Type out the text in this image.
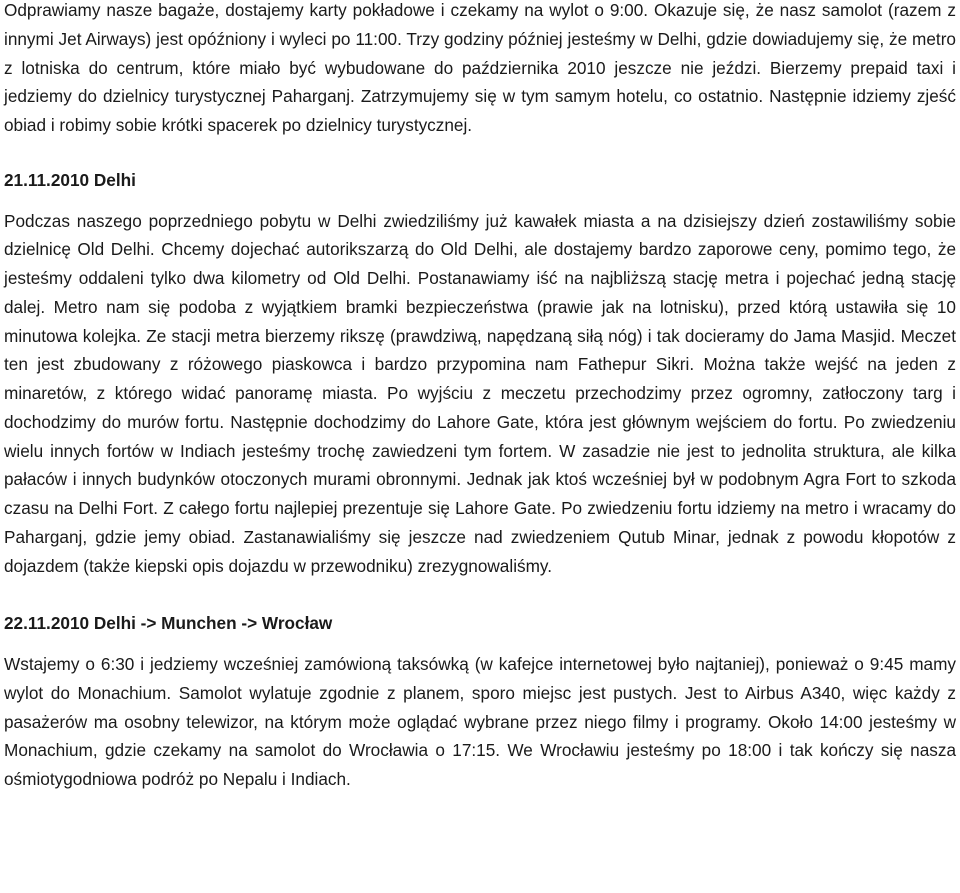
Odprawiamy nasze bagaże, dostajemy karty pokładowe i czekamy na wylot o 9:00. Okazuje się, że nasz samolot (razem z innymi Jet Airways) jest opóźniony i wyleci po 11:00. Trzy godziny później jesteśmy w Delhi, gdzie dowiadujemy się, że metro z lotniska do centrum, które miało być wybudowane do października 2010 jeszcze nie jeździ. Bierzemy prepaid taxi i jedziemy do dzielnicy turystycznej Paharganj. Zatrzymujemy się w tym samym hotelu, co ostatnio. Następnie idziemy zjeść obiad i robimy sobie krótki spacerek po dzielnicy turystycznej.

21.11.2010 Delhi

Podczas naszego poprzedniego pobytu w Delhi zwiedziliśmy już kawałek miasta a na dzisiejszy dzień zostawiliśmy sobie dzielnicę Old Delhi. Chcemy dojechać autorikszarzą do Old Delhi, ale dostajemy bardzo zaporowe ceny, pomimo tego, że jesteśmy oddaleni tylko dwa kilometry od Old Delhi. Postanawiamy iść na najbliższą stację metra i pojechać jedną stację dalej. Metro nam się podoba z wyjątkiem bramki bezpieczeństwa (prawie jak na lotnisku), przed którą ustawiła się 10 minutowa kolejka. Ze stacji metra bierzemy rikszę (prawdziwą, napędzaną siłą nóg) i tak docieramy do Jama Masjid. Meczet ten jest zbudowany z różowego piaskowca i bardzo przypomina nam Fathepur Sikri. Można także wejść na jeden z minaretów, z którego widać panoramę miasta. Po wyjściu z meczetu przechodzimy przez ogromny, zatłoczony targ i dochodzimy do murów fortu. Następnie dochodzimy do Lahore Gate, która jest głównym wejściem do fortu. Po zwiedzeniu wielu innych fortów w Indiach jesteśmy trochę zawiedzeni tym fortem. W zasadzie nie jest to jednolita struktura, ale kilka pałaców i innych budynków otoczonych murami obronnymi. Jednak jak ktoś wcześniej był w podobnym Agra Fort to szkoda czasu na Delhi Fort. Z całego fortu najlepiej prezentuje się Lahore Gate. Po zwiedzeniu fortu idziemy na metro i wracamy do Paharganj, gdzie jemy obiad. Zastanawialiśmy się jeszcze nad zwiedzeniem Qutub Minar, jednak z powodu kłopotów z dojazdem (także kiepski opis dojazdu w przewodniku) zrezygnowaliśmy.

22.11.2010 Delhi -> Munchen -> Wrocław

Wstajemy o 6:30 i jedziemy wcześniej zamówioną taksówką (w kafejce internetowej było najtaniej), ponieważ o 9:45 mamy wylot do Monachium. Samolot wylatuje zgodnie z planem, sporo miejsc jest pustych. Jest to Airbus A340, więc każdy z pasażerów ma osobny telewizor, na którym może oglądać wybrane przez niego filmy i programy. Około 14:00 jesteśmy w Monachium, gdzie czekamy na samolot do Wrocławia o 17:15. We Wrocławiu jesteśmy po 18:00 i tak kończy się nasza ośmiotygodniowa podróż po Nepalu i Indiach.
